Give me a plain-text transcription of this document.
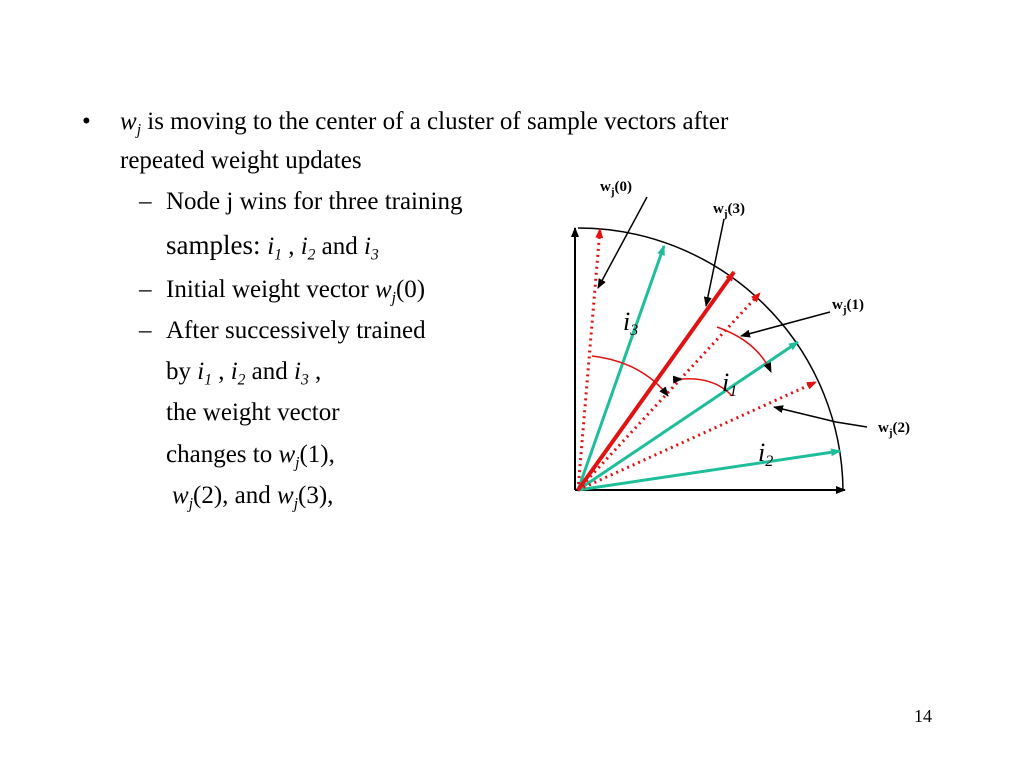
• $w_j$ is moving to the center of a cluster of sample vectors after
repeated weight updates
– Node j wins for three training
samples: $i_1$ , $i_2$ and $i_3$
– Initial weight vector $w_j(0)$
– After successively trained
by $i_1$ , $i_2$ and $i_3$ ,
the weight vector
changes to $w_j(1)$,
$w_j(2)$, and $w_j(3)$,
$w_j(0)$
$w_j(3)$
$w_j(1)$
$w_j(2)$
i3
i1
i2
14
